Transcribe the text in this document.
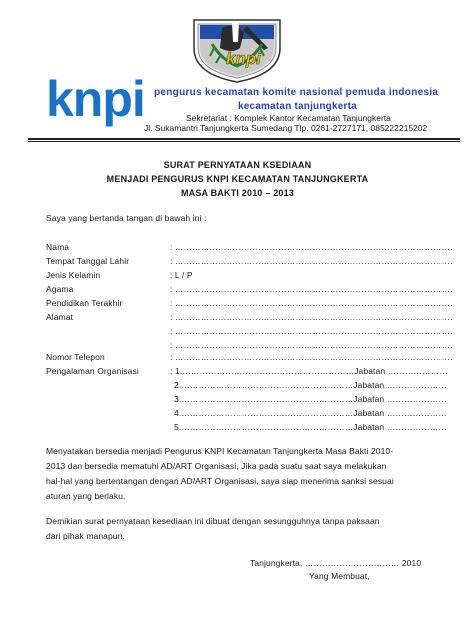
knpi
knpi pengurus kecamatan komite nasional pemuda indonesia
kecamatan tanjungkerta
Sekretariat : Komplek Kantor Kecamatan Tanjungkerta
Jl. Sukamantri Tanjungkerta Sumedang Tlp. 0261-2727171, 085222215202
SURAT PERNYATAAN KSEDIAAN
MENJADI PENGURUS KNPI KECAMATAN TANJUNGKERTA
MASA BAKTI 2010 – 2013
Saya yang bertanda tangan di bawah ini :
Nama	: …………………………………………………………………………………….
Tempat Tanggal Lahir	: …………………………………………………………………………………….
Jenis Kelamin	: L / P
Agama	: …………………………………………………………………………………….
Pendidikan Terakhir	: …………………………………………………………………………………….
Alamat	: …………………………………………………………………………………….
: …………………………………………………………………………………….
: …………………………………………………………………………………….
Nomor Telepon	: …………………………………………………………………………………….
Pengalaman Organisasi	: 1.……………………………………………………Jabatan …………………
2.……………………………………………………Jabatan …………………
3.……………………………………………………Jabatan …………………
4.……………………………………………………Jabatan …………………
5.……………………………………………………Jabatan …………………
Menyatakan bersedia menjadi Pengurus KNPI Kecamatan Tanjungkerta Masa Bakti 2010-
2013 dan bersedia mematuhi AD/ART Organisasi, Jika pada suatu saat saya melakukan
hal-hal yang bertentangan dengan AD/ART Organisasi, saya siap menerima sanksi sesuai
aturan yang berlaku.
Demikian surat pernyataan kesediaan ini dibuat dengan sesungguhnya tanpa paksaan
dari pihak manapun.
Tanjungkerta, …………………………… 2010
Yang Membuat,
